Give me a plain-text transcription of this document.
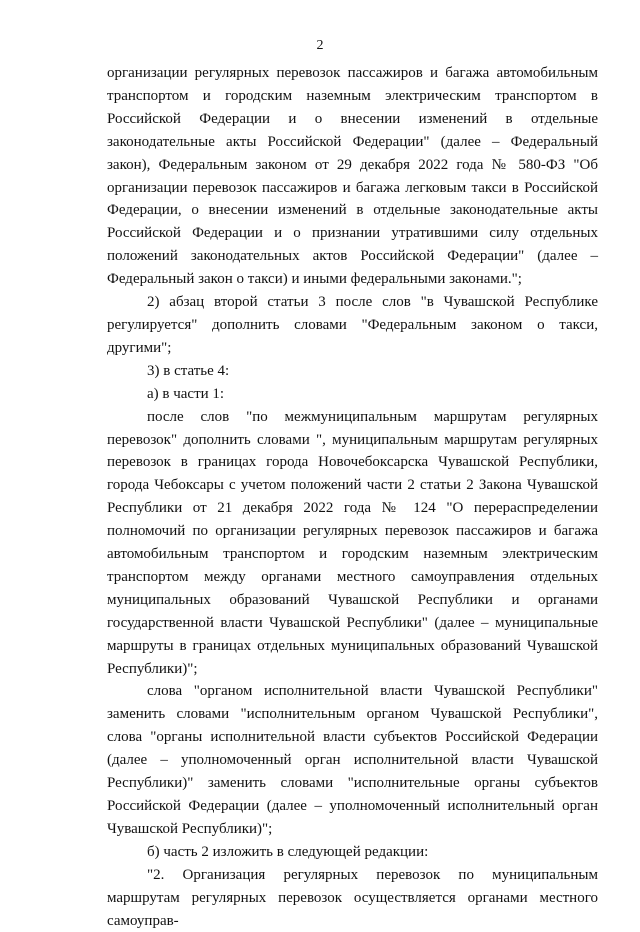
2

организации регулярных перевозок пассажиров и багажа автомобильным транспортом и городским наземным электрическим транспортом в Российской Федерации и о внесении изменений в отдельные законодательные акты Российской Федерации" (далее – Федеральный закон), Федеральным законом от 29 декабря 2022 года № 580-ФЗ "Об организации перевозок пассажиров и багажа легковым такси в Российской Федерации, о внесении изменений в отдельные законодательные акты Российской Федерации и о признании утратившими силу отдельных положений законодательных актов Российской Федерации" (далее – Федеральный закон о такси) и иными федеральными законами.";

2) абзац второй статьи 3 после слов "в Чувашской Республике регулируется" дополнить словами "Федеральным законом о такси, другими";

3) в статье 4:

а) в части 1:

после слов "по межмуниципальным маршрутам регулярных перевозок" дополнить словами ", муниципальным маршрутам регулярных перевозок в границах города Новочебоксарска Чувашской Республики, города Чебоксары с учетом положений части 2 статьи 2 Закона Чувашской Республики от 21 декабря 2022 года № 124 "О перераспределении полномочий по организации регулярных перевозок пассажиров и багажа автомобильным транспортом и городским наземным электрическим транспортом между органами местного самоуправления отдельных муниципальных образований Чувашской Республики и органами государственной власти Чувашской Республики" (далее – муниципальные маршруты в границах отдельных муниципальных образований Чувашской Республики)";

слова "органом исполнительной власти Чувашской Республики" заменить словами "исполнительным органом Чувашской Республики", слова "органы исполнительной власти субъектов Российской Федерации (далее – уполномоченный орган исполнительной власти Чувашской Республики)" заменить словами "исполнительные органы субъектов Российской Федерации (далее – уполномоченный исполнительный орган Чувашской Республики)";

б) часть 2 изложить в следующей редакции:

"2. Организация регулярных перевозок по муниципальным маршрутам регулярных перевозок осуществляется органами местного самоуправ-
